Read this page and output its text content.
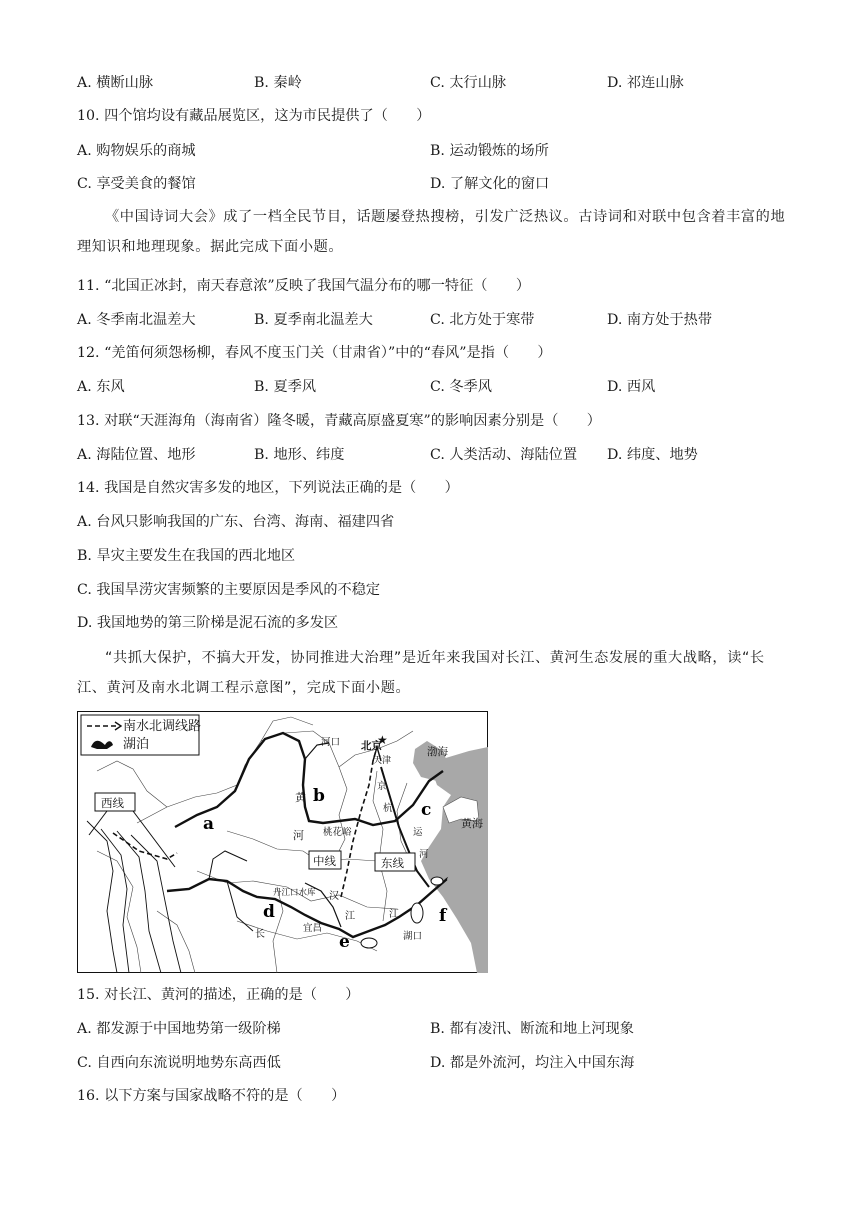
A. 横断山脉	B. 秦岭	C. 太行山脉	D. 祁连山脉
10. 四个馆均设有藏品展览区，这为市民提供了（　　）
A. 购物娱乐的商城	B. 运动锻炼的场所
C. 享受美食的餐馆	D. 了解文化的窗口
《中国诗词大会》成了一档全民节目，话题屡登热搜榜，引发广泛热议。古诗词和对联中包含着丰富的地理知识和地理现象。据此完成下面小题。
11. “北国正冰封，南天春意浓”反映了我国气温分布的哪一特征（　　）
A. 冬季南北温差大	B. 夏季南北温差大	C. 北方处于寒带	D. 南方处于热带
12. “羌笛何须怨杨柳，春风不度玉门关（甘肃省）”中的“春风”是指（　　）
A. 东风	B. 夏季风	C. 冬季风	D. 西风
13. 对联“天涯海角（海南省）隆冬暖，青藏高原盛夏寒”的影响因素分别是（　　）
A. 海陆位置、地形	B. 地形、纬度	C. 人类活动、海陆位置 D. 纬度、地势
14. 我国是自然灾害多发的地区，下列说法正确的是（　　）
A. 台风只影响我国的广东、台湾、海南、福建四省
B. 旱灾主要发生在我国的西北地区
C. 我国旱涝灾害频繁的主要原因是季风的不稳定
D. 我国地势的第三阶梯是泥石流的多发区
“共抓大保护，不搞大开发，协同推进大治理”是近年来我国对长江、黄河生态发展的重大战略，读“长江、黄河及南水北调工程示意图”，完成下面小题。
南水北调线路
湖泊
西线
中线	东线
河口 北京
★
天津
桃花峪
丹江口水库
宜昌
湖口
渤海
黄海
黄
河
长
江	江
汉
京
杭
运
河
a
b
c
d
e
f
15. 对长江、黄河的描述，正确的是（　　）
A. 都发源于中国地势第一级阶梯	B. 都有凌汛、断流和地上河现象
C. 自西向东流说明地势东高西低	D. 都是外流河，均注入中国东海
16. 以下方案与国家战略不符的是（　　）
